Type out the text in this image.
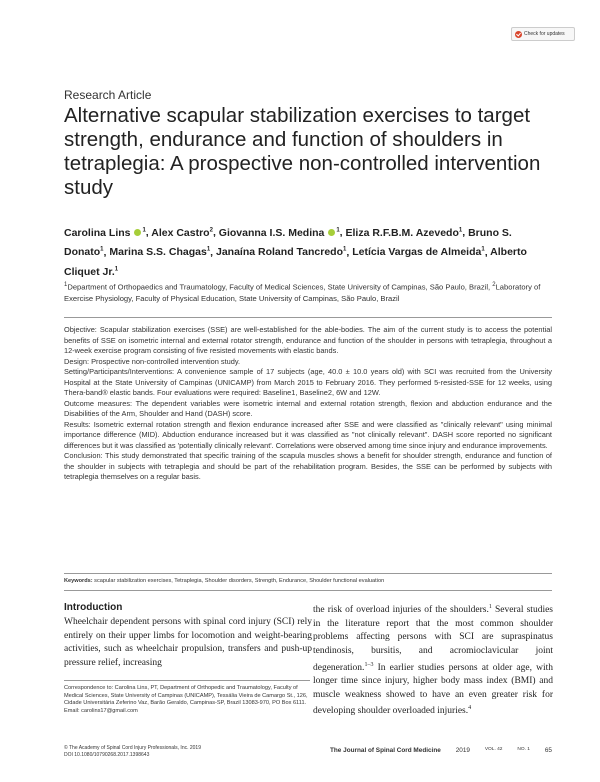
Check for updates
Research Article
Alternative scapular stabilization exercises to target strength, endurance and function of shoulders in tetraplegia: A prospective non-controlled intervention study
Carolina Lins $^1$, Alex Castro$^2$, Giovanna I.S. Medina $^1$, Eliza R.F.B.M. Azevedo$^1$, Bruno S. Donato$^1$, Marina S.S. Chagas$^1$, Janaína Roland Tancredo$^1$, Letícia Vargas de Almeida$^1$, Alberto Cliquet Jr.$^1$
$^1$Department of Orthopaedics and Traumatology, Faculty of Medical Sciences, State University of Campinas, São Paulo, Brazil, $^2$Laboratory of Exercise Physiology, Faculty of Physical Education, State University of Campinas, São Paulo, Brazil

Objective: Scapular stabilization exercises (SSE) are well-established for the able-bodies. The aim of the current study is to access the potential benefits of SSE on isometric internal and external rotator strength, endurance and function of the shoulder in persons with tetraplegia, throughout a 12-week exercise program consisting of five resisted movements with elastic bands.

Design: Prospective non-controlled intervention study.

Setting/Participants/Interventions: A convenience sample of 17 subjects (age, 40.0 ± 10.0 years old) with SCI was recruited from the University Hospital at the State University of Campinas (UNICAMP) from March 2015 to February 2016. They performed 5-resisted-SSE for 12 weeks, using Thera-band® elastic bands. Four evaluations were required: Baseline1, Baseline2, 6W and 12W.

Outcome measures: The dependent variables were isometric internal and external rotation strength, flexion and abduction endurance and the Disabilities of the Arm, Shoulder and Hand (DASH) score.

Results: Isometric external rotation strength and flexion endurance increased after SSE and were classified as "clinically relevant" using minimal importance difference (MID). Abduction endurance increased but it was classified as "not clinically relevant". DASH score reported no significant differences but it was classified as 'potentially clinically relevant'. Correlations were observed among time since injury and endurance improvements.

Conclusion: This study demonstrated that specific training of the scapula muscles shows a benefit for shoulder strength, endurance and function of the shoulder in subjects with tetraplegia and should be part of the rehabilitation program. Besides, the SSE can be performed by subjects with tetraplegia themselves on a regular basis.

Keywords: scapular stabilization exercises, Tetraplegia, Shoulder disorders, Strength, Endurance, Shoulder functional evaluation
Introduction
Wheelchair dependent persons with spinal cord injury (SCI) rely entirely on their upper limbs for locomotion and weight-bearing activities, such as wheelchair propulsion, transfers and push-up pressure relief, increasing
the risk of overload injuries of the shoulders.$^1$ Several studies in the literature report that the most common shoulder problems affecting persons with SCI are supraspinatus tendinosis, bursitis, and acromioclavicular joint degeneration.$^{1-3}$ In earlier studies persons at older age, with longer time since injury, higher body mass index (BMI) and muscle weakness showed to have an even greater risk for developing shoulder overloaded injuries.$^4$
Correspondence to: Carolina Lins, PT, Department of Orthopedic and Traumatology, Faculty of Medical Sciences, State University of Campinas (UNICAMP), Tessália Vieira de Camargo St., 126, Cidade Universitária Zeferino Vaz, Barão Geraldo, Campinas-SP, Brazil 13083-970, PO Box 6111. Email: carolins17@gmail.com
© The Academy of Spinal Cord Injury Professionals, Inc. 2019
DOI 10.1080/10790268.2017.1398643
The Journal of Spinal Cord Medicine 2019	VOL. 42	NO. 1 65
